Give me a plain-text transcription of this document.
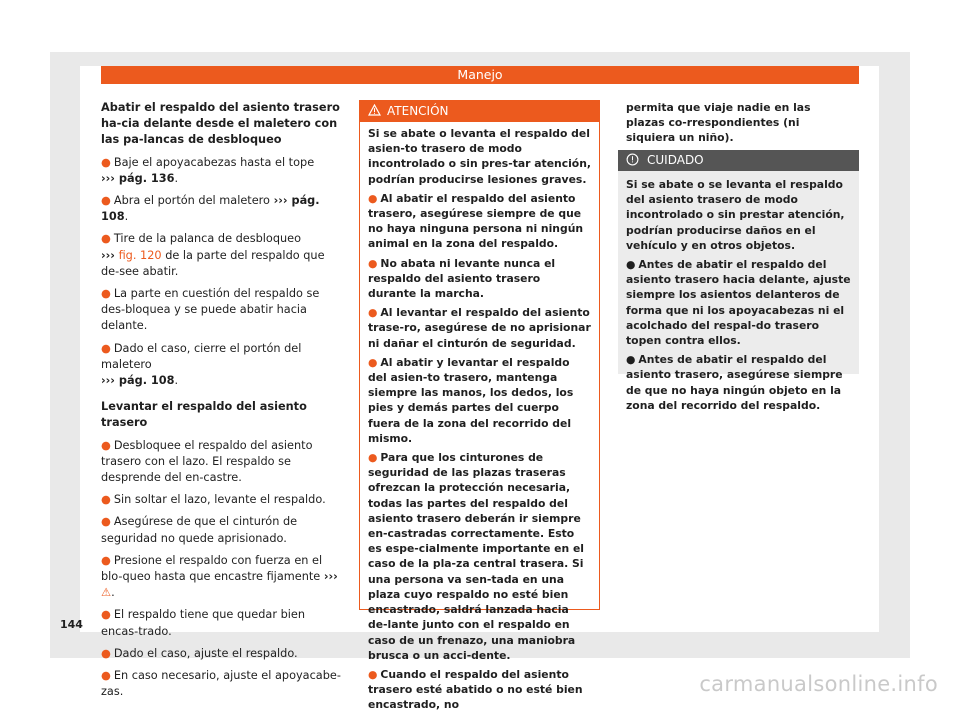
Manejo
Abatir el respaldo del asiento trasero ha-cia delante desde el maletero con las pa-lancas de desbloqueo
● Baje el apoyacabezas hasta el tope
››› pág. 136.
● Abra el portón del maletero ››› pág. 108.
● Tire de la palanca de desbloqueo
››› fig. 120 de la parte del respaldo que de-see abatir.
● La parte en cuestión del respaldo se des-bloquea y se puede abatir hacia delante.
● Dado el caso, cierre el portón del maletero
››› pág. 108.
Levantar el respaldo del asiento trasero
● Desbloquee el respaldo del asiento trasero con el lazo. El respaldo se desprende del en-castre.
● Sin soltar el lazo, levante el respaldo.
● Asegúrese de que el cinturón de seguridad no quede aprisionado.
● Presione el respaldo con fuerza en el blo-queo hasta que encastre fijamente ››› ⚠.
● El respaldo tiene que quedar bien encas-trado.
● Dado el caso, ajuste el respaldo.
● En caso necesario, ajuste el apoyacabe-zas.
ATENCIÓN
Si se abate o levanta el respaldo del asien-to trasero de modo incontrolado o sin pres-tar atención, podrían producirse lesiones graves.
● Al abatir el respaldo del asiento trasero, asegúrese siempre de que no haya ninguna persona ni ningún animal en la zona del respaldo.
● No abata ni levante nunca el respaldo del asiento trasero durante la marcha.
● Al levantar el respaldo del asiento trase-ro, asegúrese de no aprisionar ni dañar el cinturón de seguridad.
● Al abatir y levantar el respaldo del asien-to trasero, mantenga siempre las manos, los dedos, los pies y demás partes del cuerpo fuera de la zona del recorrido del mismo.
● Para que los cinturones de seguridad de las plazas traseras ofrezcan la protección necesaria, todas las partes del respaldo del asiento trasero deberán ir siempre en-castradas correctamente. Esto es espe-cialmente importante en el caso de la pla-za central trasera. Si una persona va sen-tada en una plaza cuyo respaldo no esté bien encastrado, saldrá lanzada hacia de-lante junto con el respaldo en caso de un frenazo, una maniobra brusca o un acci-dente.
● Cuando el respaldo del asiento trasero esté abatido o no esté bien encastrado, no
permita que viaje nadie en las plazas co-rrespondientes (ni siquiera un niño).
CUIDADO
Si se abate o se levanta el respaldo del asiento trasero de modo incontrolado o sin prestar atención, podrían producirse daños en el vehículo y en otros objetos.
● Antes de abatir el respaldo del asiento trasero hacia delante, ajuste siempre los asientos delanteros de forma que ni los apoyacabezas ni el acolchado del respal-do trasero topen contra ellos.
● Antes de abatir el respaldo del asiento trasero, asegúrese siempre de que no haya ningún objeto en la zona del recorrido del respaldo.
144
carmanualsonline.info
